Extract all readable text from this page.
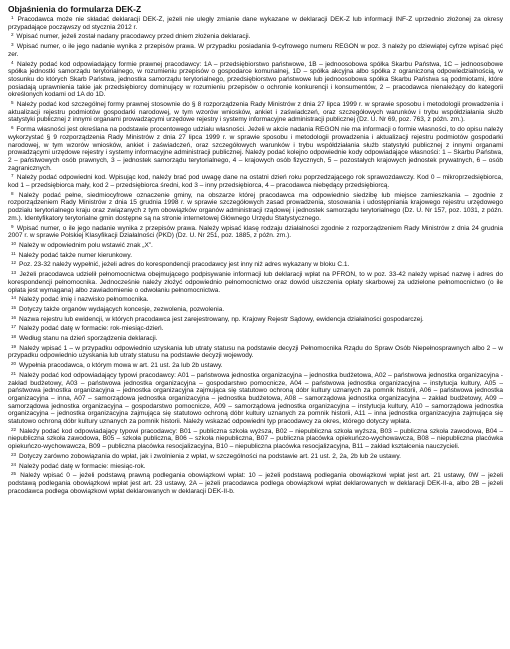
Objaśnienia do formularza DEK-Z

$^1$ Pracodawca może nie składać deklaracji DEK-Z, jeżeli nie uległy zmianie dane wykazane w deklaracji DEK-Z lub informacji INF-Z uprzednio złożonej za okresy przypadające począwszy od stycznia 2012 r.

$^2$ Wpisać numer, jeżeli został nadany pracodawcy przed dniem złożenia deklaracji.

$^3$ Wpisać numer, o ile jego nadanie wynika z przepisów prawa. W przypadku posiadania 9-cyfrowego numeru REGON w poz. 3 należy po dziewiątej cyfrze wpisać pięć zer.

$^4$ Należy podać kod odpowiadający formie prawnej pracodawcy: 1A – przedsiębiorstwo państwowe, 1B – jednoosobowa spółka Skarbu Państwa, 1C – jednoosobowe spółka jednostki samorządu terytorialnego, w rozumieniu przepisów o gospodarce komunalnej, 1D – spółka akcyjna albo spółka z ograniczoną odpowiedzialnością, w stosunku do których Skarb Państwa, jednostka samorządu terytorialnego, przedsiębiorstwo państwowe lub jednoosobowa spółka Skarbu Państwa są podmiotami, które posiadają uprawnienia takie jak przedsiębiorcy dominujący w rozumieniu przepisów o ochronie konkurencji i konsumentów, 2 – pracodawca nienależący do kategorii określonych kodami od 1A do 1D.

$^5$ Należy podać kod szczególnej formy prawnej stosownie do § 8 rozporządzenia Rady Ministrów z dnia 27 lipca 1999 r. w sprawie sposobu i metodologii prowadzenia i aktualizacji rejestru podmiotów gospodarki narodowej, w tym wzorów wniosków, ankiet i zaświadczeń, oraz szczegółowych warunków i trybu współdziałania służb statystyki publicznej z innymi organami prowadzącymi urzędowe rejestry i systemy informacyjne administracji publicznej (Dz. U. Nr 69, poz. 763, z późn. zm.).

$^6$ Forma własności jest określana na podstawie procentowego udziału własności. Jeżeli w akcie nadania REGON nie ma informacji o formie własności, to do opisu należy wykorzystać § 9 rozporządzenia Rady Ministrów z dnia 27 lipca 1999 r. w sprawie sposobu i metodologii prowadzenia i aktualizacji rejestru podmiotów gospodarki narodowej, w tym wzorów wniosków, ankiet i zaświadczeń, oraz szczegółowych warunków i trybu współdziałania służb statystyki publicznej z innymi organami prowadzącymi urzędowe rejestry i systemy informacyjne administracji publicznej. Należy podać kolejno odpowiednie kody odpowiadające własności: 1 – Skarbu Państwa, 2 – państwowych osób prawnych, 3 – jednostek samorządu terytorialnego, 4 – krajowych osób fizycznych, 5 – pozostałych krajowych jednostek prywatnych, 6 – osób zagranicznych.

$^7$ Należy podać odpowiedni kod. Wpisując kod, należy brać pod uwagę dane na ostatni dzień roku poprzedzającego rok sprawozdawczy. Kod 0 – mikroprzedsiębiorca, kod 1 – przedsiębiorca mały, kod 2 – przedsiębiorca średni, kod 3 – inny przedsiębiorca, 4 – pracodawca niebędący przedsiębiorcą.

$^8$ Należy podać pełne, siedmiocyfrowe oznaczenie gminy, na obszarze której pracodawca ma odpowiednio siedzibę lub miejsce zamieszkania – zgodnie z rozporządzeniem Rady Ministrów z dnia 15 grudnia 1998 r. w sprawie szczegółowych zasad prowadzenia, stosowania i udostępniania krajowego rejestru urzędowego podziału terytorialnego kraju oraz związanych z tym obowiązków organów administracji rządowej i jednostek samorządu terytorialnego (Dz. U. Nr 157, poz. 1031, z późn. zm.). Identyfikatory terytorialne gmin dostępne są na stronie internetowej Głównego Urzędu Statystycznego.

$^9$ Wpisać numer, o ile jego nadanie wynika z przepisów prawa. Należy wpisać klasę rodzaju działalności zgodnie z rozporządzeniem Rady Ministrów z dnia 24 grudnia 2007 r. w sprawie Polskiej Klasyfikacji Działalności (PKD) (Dz. U. Nr 251, poz. 1885, z późn. zm.).

$^{10}$ Należy w odpowiednim polu wstawić znak „X”.

$^{11}$ Należy podać także numer kierunkowy.

$^{12}$ Poz. 23-32 należy wypełnić, jeżeli adres do korespondencji pracodawcy jest inny niż adres wykazany w bloku C.1.

$^{13}$ Jeżeli pracodawca udzielił pełnomocnictwa obejmującego podpisywanie informacji lub deklaracji wpłat na PFRON, to w poz. 33-42 należy wpisać nazwę i adres do korespondencji pełnomocnika. Jednocześnie należy złożyć odpowiednio pełnomocnictwo oraz dowód uiszczenia opłaty skarbowej za udzielone pełnomocnictwo (o ile opłata jest wymagana) albo zawiadomienie o odwołaniu pełnomocnictwa.

$^{14}$ Należy podać imię i nazwisko pełnomocnika.

$^{15}$ Dotyczy także organów wydających koncesje, zezwolenia, pozwolenia.

$^{16}$ Nazwa rejestru lub ewidencji, w których pracodawca jest zarejestrowany, np. Krajowy Rejestr Sądowy, ewidencja działalności gospodarczej.

$^{17}$ Należy podać datę w formacie: rok-miesiąc-dzień.

$^{18}$ Według stanu na dzień sporządzenia deklaracji.

$^{19}$ Należy wpisać 1 – w przypadku odpowiednio uzyskania lub utraty statusu na podstawie decyzji Pełnomocnika Rządu do Spraw Osób Niepełnosprawnych albo 2 – w przypadku odpowiednio uzyskania lub utraty statusu na podstawie decyzji wojewody.

$^{20}$ Wypełnia pracodawca, o którym mowa w art. 21 ust. 2a lub 2b ustawy.

$^{21}$ Należy podać kod odpowiadający typowi pracodawcy: A01 – państwowa jednostka organizacyjna – jednostka budżetowa, A02 – państwowa jednostka organizacyjna - zakład budżetowy, A03 – państwowa jednostka organizacyjna – gospodarstwo pomocnicze, A04 – państwowa jednostka organizacyjna – instytucja kultury, A05 – państwowa jednostka organizacyjna – jednostka organizacyjna zajmująca się statutowo ochroną dóbr kultury uznanych za pomnik historii, A06 – państwowa jednostka organizacyjna – inna, A07 – samorządowa jednostka organizacyjna – jednostka budżetowa, A08 – samorządowa jednostka organizacyjna – zakład budżetowy, A09 – samorządowa jednostka organizacyjna – gospodarstwo pomocnicze, A09 – samorządowa jednostka organizacyjna – instytucja kultury, A10 – samorządowa jednostka organizacyjna – jednostka organizacyjna zajmująca się statutowo ochroną dóbr kultury uznanych za pomnik historii, A11 – inna jednostka organizacyjna zajmująca się statutowo ochroną dóbr kultury uznanych za pomnik historii. Należy wskazać odpowiedni typ pracodawcy za okres, którego dotyczy wpłata.

$^{22}$ Należy podać kod odpowiadający typowi pracodawcy: B01 – publiczna szkoła wyższa, B02 – niepubliczna szkoła wyższa, B03 – publiczna szkoła zawodowa, B04 – niepubliczna szkoła zawodowa, B05 – szkoła publiczna, B06 – szkoła niepubliczna, B07 – publiczna placówka opiekuńczo-wychowawcza, B08 – niepubliczna placówka opiekuńczo-wychowawcza, B09 – publiczna placówka resocjalizacyjna, B10 – niepubliczna placówka resocjalizacyjna, B11 – zakład kształcenia nauczycieli.

$^{23}$ Dotyczy zarówno zobowiązania do wpłat, jak i zwolnienia z wpłat, w szczególności na podstawie art. 21 ust. 2, 2a, 2b lub 2e ustawy.

$^{24}$ Należy podać datę w formacie: miesiąc-rok.

$^{25}$ Należy wpisać 0 – jeżeli podstawą prawną podlegania obowiązkowi wpłat: 10 – jeżeli podstawą podlegania obowiązkowi wpłat jest art. 21 ustawy, 0W – jeżeli podstawą podlegania obowiązkowi wpłat jest art. 23 ustawy, 2A – jeżeli pracodawca podlega obowiązkowi wpłat deklarowanych w deklaracji DEK-II-a, albo 2B – jeżeli pracodawca podlega obowiązkowi wpłat deklarowanych w deklaracji DEK-II-b.
